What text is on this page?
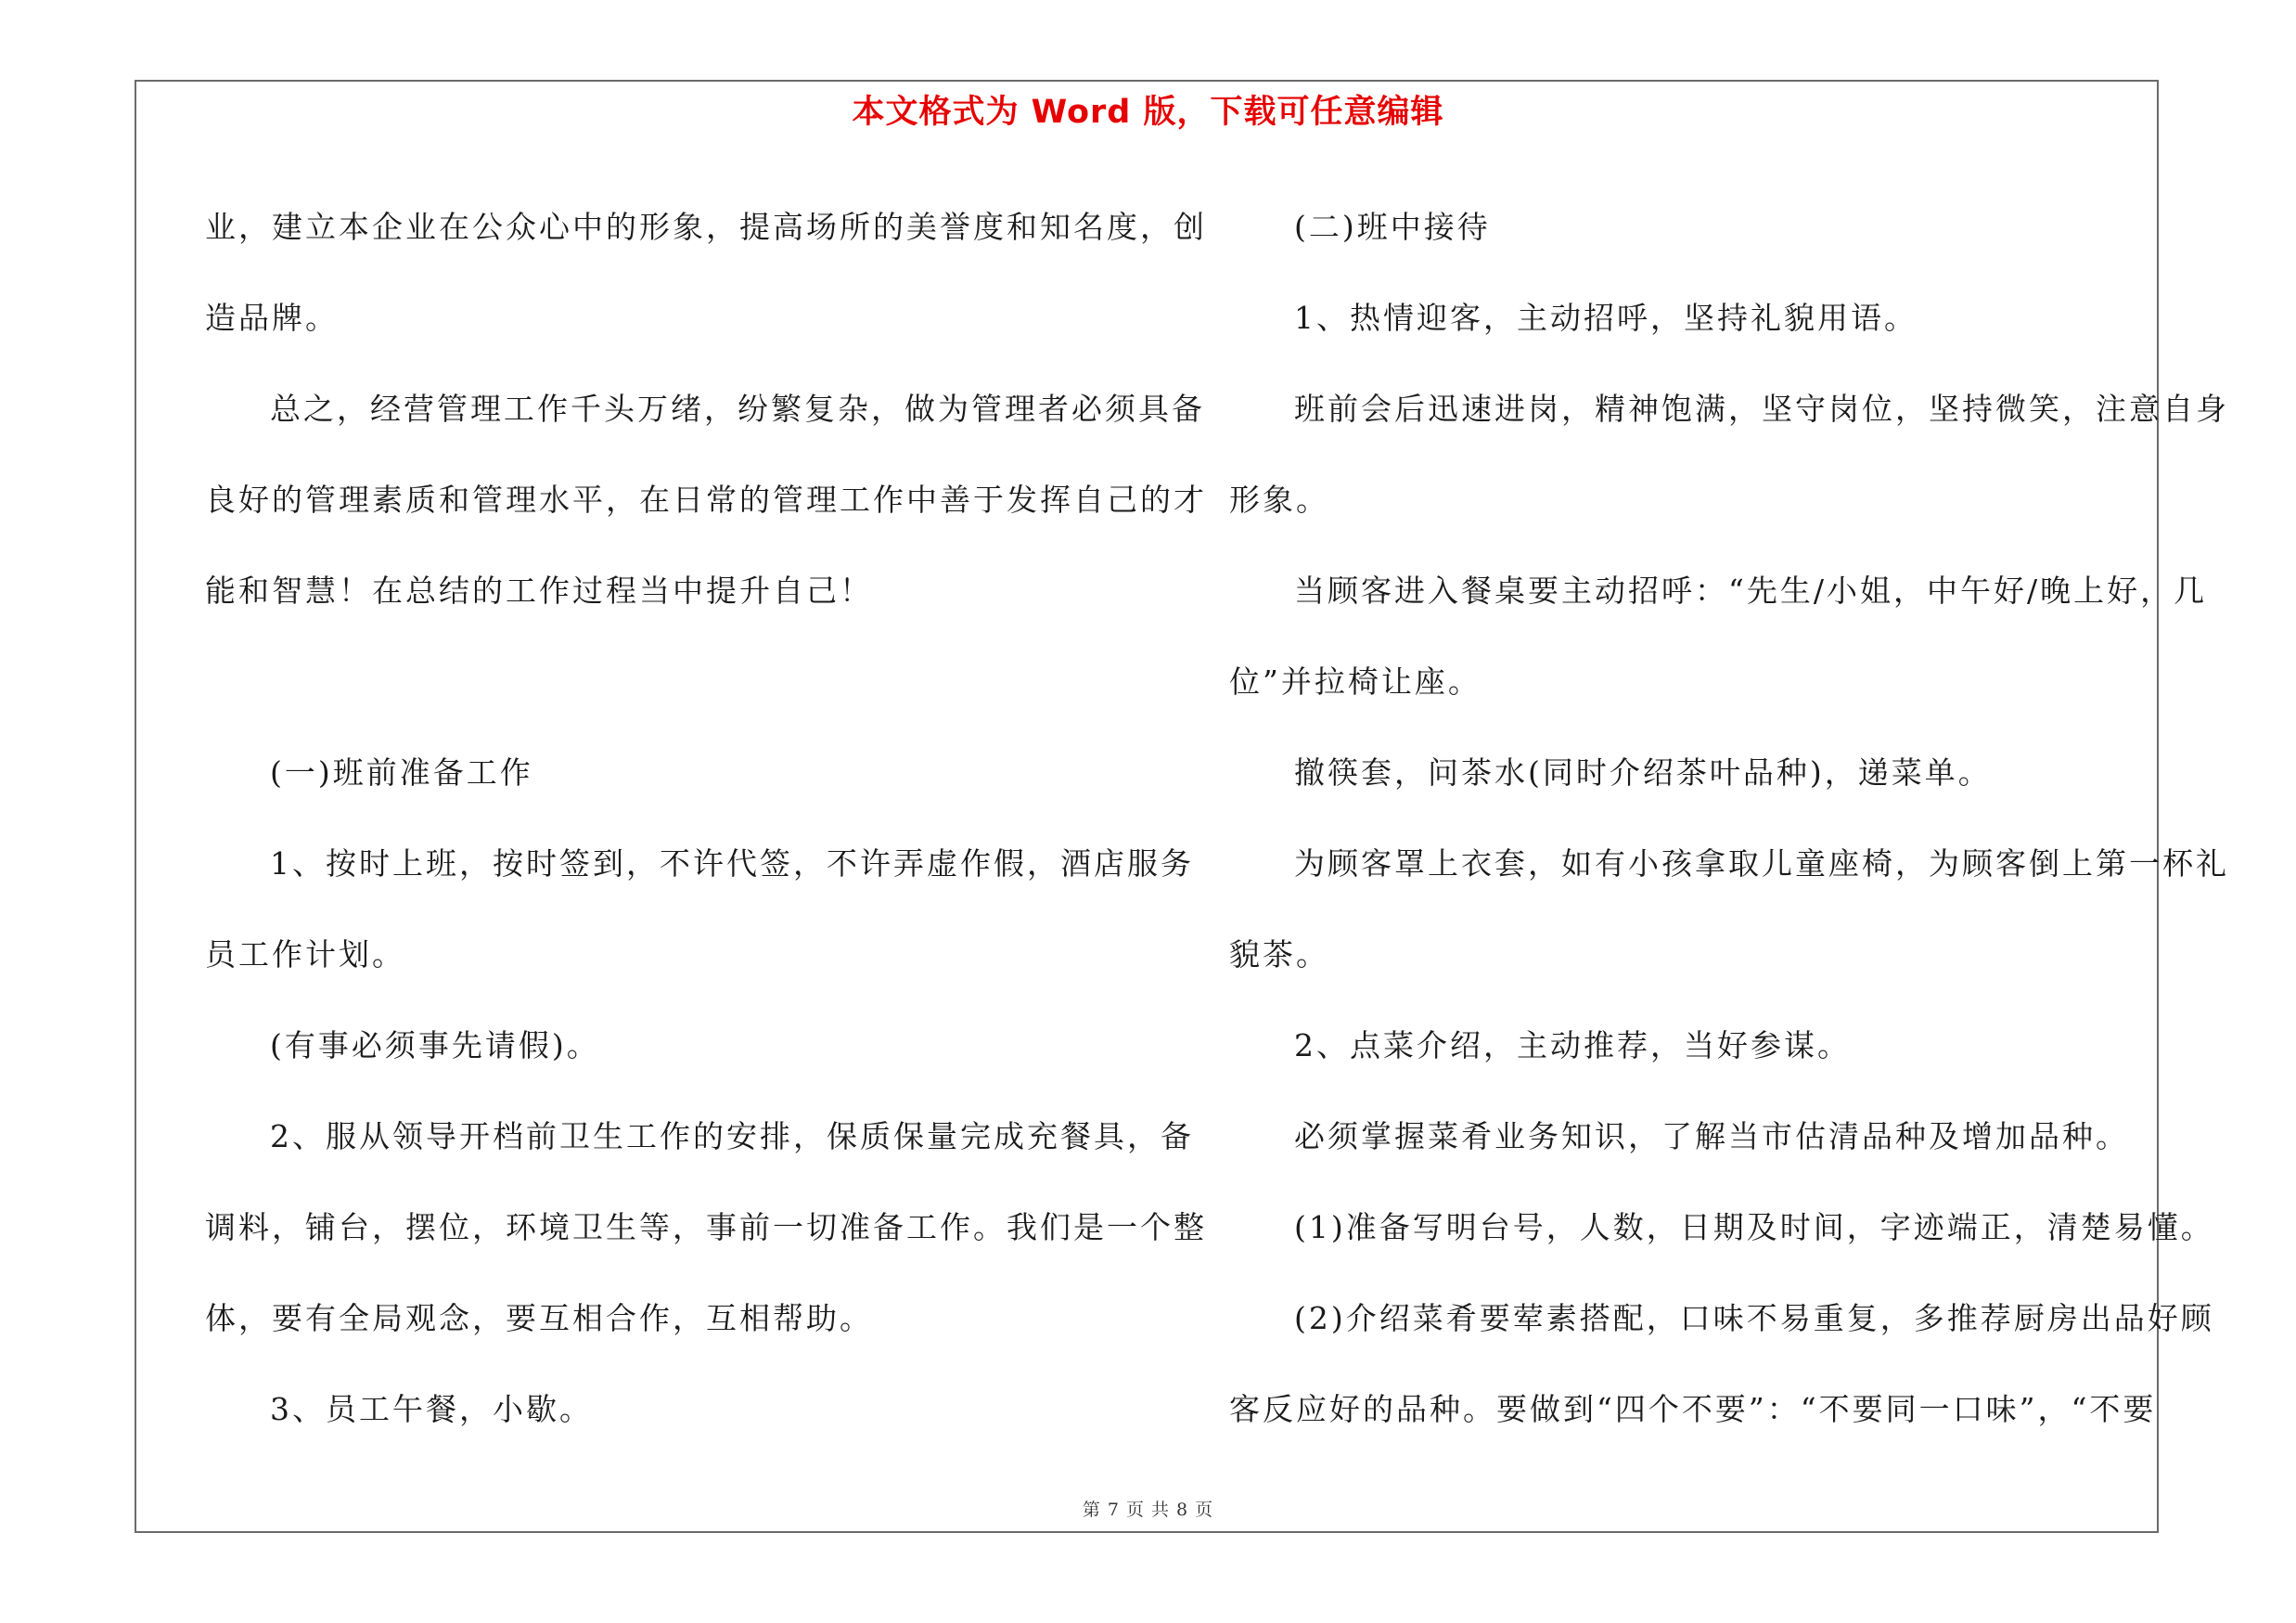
本文格式为 Word 版，下载可任意编辑

业，建立本企业在公众心中的形象，提高场所的美誉度和知名度，创

造品牌。

总之，经营管理工作千头万绪，纷繁复杂，做为管理者必须具备

良好的管理素质和管理水平，在日常的管理工作中善于发挥自己的才

能和智慧！在总结的工作过程当中提升自己！

(一)班前准备工作

1、按时上班，按时签到，不许代签，不许弄虚作假，酒店服务

员工作计划。

(有事必须事先请假)。

2、服从领导开档前卫生工作的安排，保质保量完成充餐具，备

调料，铺台，摆位，环境卫生等，事前一切准备工作。我们是一个整

体，要有全局观念，要互相合作，互相帮助。

3、员工午餐，小歇。

(二)班中接待

1、热情迎客，主动招呼，坚持礼貌用语。

班前会后迅速进岗，精神饱满，坚守岗位，坚持微笑，注意自身

形象。

当顾客进入餐桌要主动招呼：“先生/小姐，中午好/晚上好，几

位”并拉椅让座。

撤筷套，问茶水(同时介绍茶叶品种)，递菜单。

为顾客罩上衣套，如有小孩拿取儿童座椅，为顾客倒上第一杯礼

貌茶。

2、点菜介绍，主动推荐，当好参谋。

必须掌握菜肴业务知识，了解当市估清品种及增加品种。

(1)准备写明台号，人数，日期及时间，字迹端正，清楚易懂。

(2)介绍菜肴要荤素搭配，口味不易重复，多推荐厨房出品好顾

客反应好的品种。要做到“四个不要”：“不要同一口味”，“不要

第 7 页 共 8 页
